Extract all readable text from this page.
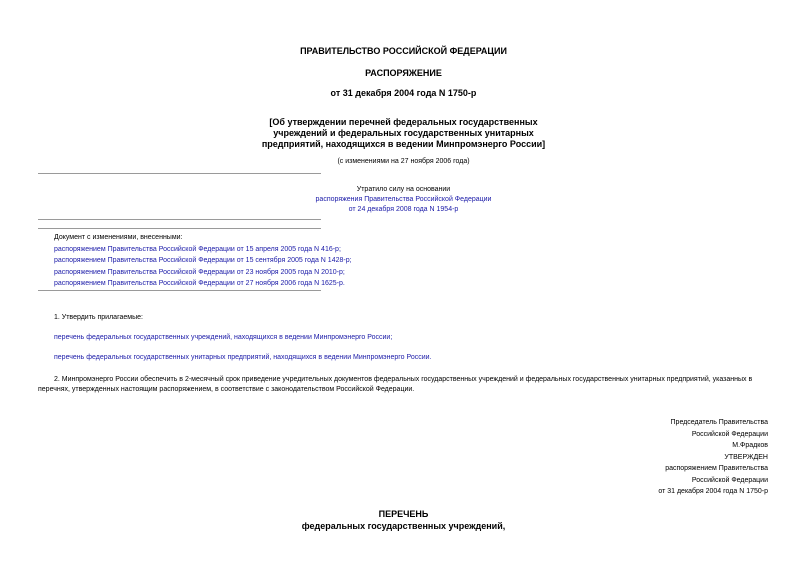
ПРАВИТЕЛЬСТВО РОССИЙСКОЙ ФЕДЕРАЦИИ
РАСПОРЯЖЕНИЕ
от 31 декабря 2004 года N 1750-р
[Об утверждении перечней федеральных государственных
учреждений и федеральных государственных унитарных
предприятий, находящихся в ведении Минпромэнерго России]
(с изменениями на 27 ноября 2006 года)
Утратило силу на основании
распоряжения Правительства Российской Федерации
от 24 декабря 2008 года N 1954-р
Документ с изменениями, внесенными:
распоряжением Правительства Российской Федерации от 15 апреля 2005 года N 416-р;
распоряжением Правительства Российской Федерации от 15 сентября 2005 года N 1428-р;
распоряжением Правительства Российской Федерации от 23 ноября 2005 года N 2010-р;
распоряжением Правительства Российской Федерации от 27 ноября 2006 года N 1625-р.
1. Утвердить прилагаемые:
перечень федеральных государственных учреждений, находящихся в ведении Минпромэнерго России;
перечень федеральных государственных унитарных предприятий, находящихся в ведении Минпромэнерго России.
2. Минпромэнерго России обеспечить в 2-месячный срок приведение учредительных документов федеральных государственных учреждений и федеральных государственных унитарных предприятий, указанных в перечнях, утвержденных настоящим распоряжением, в соответствие с законодательством Российской Федерации.
Председатель Правительства
Российской Федерации
М.Фрадков
УТВЕРЖДЕН
распоряжением Правительства
Российской Федерации
от 31 декабря 2004 года N 1750-р
ПЕРЕЧЕНЬ
федеральных государственных учреждений,
